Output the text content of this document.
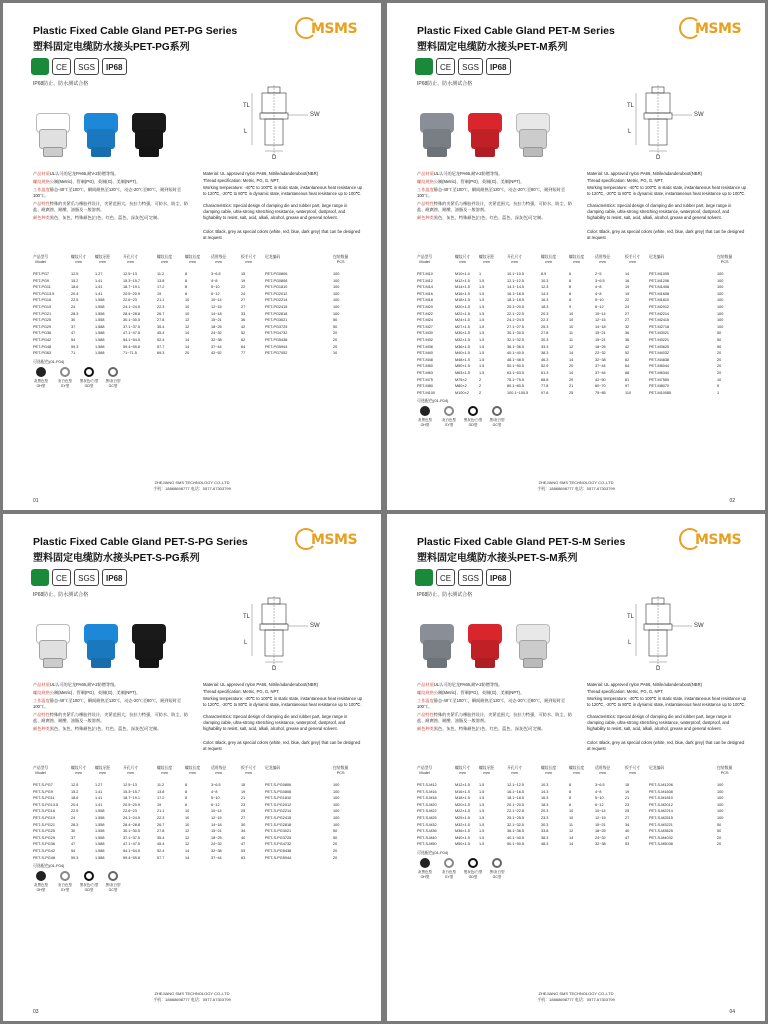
Plastic Fixed Cable Gland PET-PG Series
塑料固定电缆防水接头PET-PG系列
MSMS
CE	SGS	IP68
IP68防止、防水测试合格
SW
TL
L
D
产品材质UL认可的尼龙PA66,耐V-2防燃等级。
螺纹规格公制(Metric)、管制(PG)、英制(G)、美制(NPT)。
工作温度静态-40℃至100℃，瞬间耐热至120℃，动态-20℃至80℃，耐到短时至100℃。
产品特性特殊的夹紧爪与橡胶件设计，夹紧范围大，抗拉力特强，可防水、防尘、防盐、耐腐蚀、耐酸、油脂及一般溶剂。
颜色种类黑色、灰色、特殊颜色(白色、红色、蓝色、深灰色)可定制。
Material: UL approved nylon PA66, Nitrile/adanderuboot(NBR)
Thread specification: Metric, PG, G, NPT.
Working temperature: -40℃ to 100℃ in static state, instantaneous heat resistance up to 120℃, -20℃ to 80℃ in dynamic state, instantaneous heat resistance up to 100℃.
Characteristics: Special design of clamping die and rubber part, large range in clamping cable, ultra-strong stretching resistance, waterproof, dustproof, and highability to resist, salt, acid, alkali, alcohol, grease and general solvent.
Color: Black, grey as special colors (white, red, blue, dark grey) that can be designed at request
产品型号
Model
螺纹尺寸
mm
螺纹牙距
mm
开孔尺寸
mm
螺纹长度
mm
螺纹长度
mm
适用线径
mm
扳手尺寸
mm
尼龙编码	包装数量
PCS
PET-PG7	12.5	1.27	12.5~13	11.2	8	3~6.5	15	PET-PG0806	100
PET-PG9	15.2	1.41	15.3~15.7	13.8	8	4~8	19	PET-PG0808	100
PET-PG11	18.6	1.41	18.7~19.1	17.2	8	5~10	22	PET-PG1810	100
PET-PG13.5	20.4	1.41	20.5~20.9	19	8	6~12	24	PET-PG2012	100
PET-PG16	22.5	1.558	22.6~23	21.1	10	10~14	27	PET-PG2214	100
PET-PG19	24	1.558	24.1~24.5	22.3	10	12~15	27	PET-PG2415	100
PET-PG21	28.3	1.558	28.4~28.8	26.7	10	14~18	33	PET-PG2818	100
PET-PG25	30	1.558	30.1~30.5	27.8	12	15~21	36	PET-PG3021	50
PET-PG29	37	1.588	37.1~37.5	35.4	12	18~25	42	PET-PG3725	50
PET-PG36	47	1.588	47.1~47.5	45.4	14	24~32	52	PET-PG4732	20
PET-PG42	54	1.588	54.1~54.5	52.4	14	32~38	62	PET-PG5438	20
PET-PG48	59.3	1.588	59.4~59.8	57.7	14	37~44	64	PET-PG5944	20
PET-PG63	71	1.588	71~71.5	69.3	20	42~52	77	PET-PG7052	10
可选配色(01-F04)
灰黑色型
OH型
灰白色型
GY型
黑灰色/白型
GD型
黑/灰白型
GC型
ZHEJIANG SMS TECHNOLOGY CO.,LTD
手机：18868698777 电话：0577-67303799
01
Plastic Fixed Cable Gland PET-M Series
塑料固定电缆防水接头PET-M系列
MSMS
CE	SGS	IP68
IP68防止、防水测试合格
SW
TL
L
D
产品材质UL认可的尼龙PA66,耐V-2防燃等级。
螺纹规格公制(Metric)、管制(PG)、英制(G)、美制(NPT)。
工作温度静态-40℃至100℃，瞬间耐热至120℃，动态-20℃至80℃，耐到短时至100℃。
产品特性特殊的夹紧爪与橡胶件设计，夹紧范围大，抗拉力特强，可防水、防尘、防盐、耐腐蚀、耐酸、油脂及一般溶剂。
颜色种类黑色、灰色、特殊颜色(白色、红色、蓝色、深灰色)可定制。
Material: UL approved nylon PA66, Nitrile/adanderuboot(NBR)
Thread specification: Metric, PG, G, NPT.
Working temperature: -40℃ to 100℃ in static state, instantaneous heat resistance up to 120℃, -20℃ to 80℃ in dynamic state, instantaneous heat resistance up to 100℃.
Characteristics: Special design of clamping die and rubber part, large range in clamping cable, ultra-strong stretching resistance, waterproof, dustproof, and highability to resist, salt, acid, alkali, alcohol, grease and general solvent.
Color: Black, grey as special colors (white, red, blue, dark grey) that can be designed at request
产品型号
Model
螺纹尺寸
mm
螺纹牙距
mm
开孔尺寸
mm
螺纹长度
mm
螺纹长度
mm
适用线径
mm
扳手尺寸
mm
尼龙编码	包装数量
PCS
PET-M10	M10×1.0 1	10.1~10.5	8.9	6	2~5	14	PET-M1005	100
PET-M12	M12×1.5 1.5	12.1~12.5	10.3	8	3~6.5	16	PET-M1206	100
PET-M14	M14×1.5 1.5	14.1~14.5	12.3	8	4~8	19	PET-M1408	100
PET-M16	M16×1.5 1.5	16.1~16.5	14.3	8	4~8	19	PET-M1608	100
PET-M18	M18×1.5 1.5	18.1~18.5	16.3	8	5~10	22	PET-M1810	100
PET-M20	M20×1.5 1.5	20.1~20.5	18.3	9	6~12	24	PET-M2012	100
PET-M22	M22×1.5 1.5	22.1~22.5	20.3	10	10~14	27	PET-M2214	100
PET-M24	M24×1.5 1.5	24.1~24.5	22.3	10	12~15	27	PET-M2415	100
PET-M27	M27×1.5 1.5	27.1~27.5	25.3	10	14~18	32	PET-M2718	100
PET-M30	M30×1.5 1.5	30.1~30.5	27.8	11	15~21	36	PET-M3021	50
PET-M32	M32×1.5 1.5	32.1~32.5	30.3	11	15~21	36	PET-M3221	50
PET-M36	M36×1.5 1.5	36.1~36.5	33.3	12	18~25	42	PET-M3625	50
PET-M40	M40×1.5 1.5	40.1~40.5	38.3	14	22~32	52	PET-M4032	20
PET-M48	M48×1.5 1.5	48.1~48.5	46.3	14	32~38	62	PET-M4838	20
PET-M50	M50×1.5 1.5	50.1~50.5	52.9	20	37~44	64	PET-M5044	20
PET-M63	M63×1.5 1.5	63.1~63.5	61.3	14	37~44	68	PET-M6344	20
PET-M75	M75×2	2	75.1~75.5	68.8	29	42~50	81	PET-M7550	10
PET-M80	M80×2	2	80.1~80.5	77.8	21	60~70	97	PET-M8070	5
PET-M100	M100×2	2	100.1~100.5	97.8	25	75~85	110	PET-M10085	1
可选配色(01-F04)
灰黑色型
OH型
灰白色型
GY型
黑灰色/白型
GD型
黑/灰白型
GC型
ZHEJIANG SMS TECHNOLOGY CO.,LTD
手机：18868698777 电话：0577-67303799
02
Plastic Fixed Cable Gland PET-S-PG Series
塑料固定电缆防水接头PET-S-PG系列
MSMS
CE	SGS	IP68
IP68防止、防水测试合格
SW
TL
L
D
产品材质UL认可的尼龙PA66,耐V-2防燃等级。
螺纹规格公制(Metric)、管制(PG)、英制(G)、美制(NPT)。
工作温度静态-40℃至100℃，瞬间耐热至120℃，动态-20℃至80℃，耐到短时至100℃。
产品特性特殊的夹紧爪与橡胶件设计，夹紧范围大，抗拉力特强，可防水、防尘、防盐、耐腐蚀、耐酸、油脂及一般溶剂。
颜色种类黑色、灰色、特殊颜色(白色、红色、蓝色、深灰色)可定制。
Material: UL approved nylon PA66, Nitrile/adanderuboot(NBR)
Thread specification: Metric, PG, G, NPT.
Working temperature: -40℃ to 100℃ in static state, instantaneous heat resistance up to 120℃, -20℃ to 80℃ in dynamic state, instantaneous heat resistance up to 100℃.
Characteristics: Special design of clamping die and rubber part, large range in clamping cable, ultra-strong stretching resistance, waterproof, dustproof, and highability to resist, salt, acid, alkali, alcohol, grease and general solvent.
Color: Black, grey as special colors (white, red, blue, dark grey) that can be designed at request
产品型号
Model
螺纹尺寸
mm
螺纹牙距
mm
开孔尺寸
mm
螺纹长度
mm
螺纹长度
mm
适用线径
mm
扳手尺寸
mm
尼龙编码	包装数量
PCS
PET-S-PG7	12.5	1.27	12.5~13	11.2	8	3~6.5	15	PET-S-PG0806	100
PET-S-PG9	15.2	1.41	15.3~15.7	13.8	8	4~8	19	PET-S-PG0808	100
PET-S-PG11	18.6	1.41	18.7~19.1	17.2	8	5~10	21	PET-S-PG1810	100
PET-S-PG13.5	20.4	1.41	20.5~20.9	19	8	6~12	23	PET-S-PG2012	100
PET-S-PG16	22.5	1.558	22.6~23	21.1	10	10~14	25	PET-S-PG2214	100
PET-S-PG19	24	1.558	24.1~24.5	22.3	10	12~15	27	PET-S-PG2415	100
PET-S-PG21	28.3	1.558	28.4~28.8	26.7	10	14~18	30	PET-S-PG2818	100
PET-S-PG25	30	1.558	30.1~30.5	27.8	12	15~21	34	PET-S-PG3021	50
PET-S-PG29	37	1.558	37.1~37.5	35.4	12	18~25	40	PET-S-PG3725	50
PET-S-PG36	47	1.588	47.1~47.5	45.4	12	24~32	47	PET-S-PG4732	20
PET-S-PG42	54	1.588	54.1~54.5	52.4	14	32~38	53	PET-S-PG5438	20
PET-S-PG48	59.3	1.588	59.4~59.8	57.7	14	37~44	63	PET-S-PG5944	20
可选配色(01-F04)
灰黑色型
OH型
灰白色型
GY型
黑灰色/白型
GD型
黑/灰白型
GC型
ZHEJIANG SMS TECHNOLOGY CO.,LTD
手机：18868698777 电话：0577-67303799
03
Plastic Fixed Cable Gland PET-S-M Series
塑料固定电缆防水接头PET-S-M系列
MSMS
CE	SGS	IP68
IP68防止、防水测试合格
SW
TL
L
D
产品材质UL认可的尼龙PA66,耐V-2防燃等级。
螺纹规格公制(Metric)、管制(PG)、英制(G)、美制(NPT)。
工作温度静态-40℃至100℃，瞬间耐热至120℃，动态-20℃至80℃，耐到短时至100℃。
产品特性特殊的夹紧爪与橡胶件设计，夹紧范围大，抗拉力特强，可防水、防尘、防盐、耐腐蚀、耐酸、油脂及一般溶剂。
颜色种类黑色、灰色、特殊颜色(白色、红色、蓝色、深灰色)可定制。
Material: UL approved nylon PA66, Nitrile/adanderuboot(NBR)
Thread specification: Metric, PG, G, NPT.
Working temperature: -40℃ to 100℃ in static state, instantaneous heat resistance up to 120℃, -20℃ to 80℃ in dynamic state, instantaneous heat resistance up to 100℃.
Characteristics: Special design of clamping die and rubber part, large range in clamping cable, ultra-strong stretching resistance, waterproof, dustproof, and highability to resist, salt, acid, alkali, alcohol, grease and general solvent.
Color: Black, grey as special colors (white, red, blue, dark grey) that can be designed at request
产品型号
Model
螺纹尺寸
mm
螺纹牙距
mm
开孔尺寸
mm
螺纹长度
mm
螺纹长度
mm
适用线径
mm
扳手尺寸
mm
尼龙编码	包装数量
PCS
PET-S-M12	M12×1.5 1.5	12.1~12.5	10.3	8	3~6.5	15	PET-S-M1206	100
PET-S-M16	M16×1.5 1.5	16.1~16.5	14.3	8	4~8	19	PET-S-M1608	100
PET-S-M18	M18×1.5 1.5	18.1~18.5	16.3	8	5~10	21	PET-S-M1810	100
PET-S-M20	M20×1.5 1.5	20.1~20.5	18.3	8	6~12	23	PET-S-M2012	100
PET-S-M22	M22×1.5 1.5	22.1~22.5	20.3	10	10~14	25	PET-S-M2214	100
PET-S-M25	M25×1.5 1.5	25.1~25.5	23.3	10	12~15	27	PET-S-M2515	100
PET-S-M32	M32×1.5 1.5	32.1~32.5	30.3	11	15~21	34	PET-S-M3221	50
PET-S-M36	M36×1.5 1.5	36.1~36.5	33.8	12	18~25	40	PET-S-M3625	50
PET-S-M40	M40×1.5 1.5	40.1~40.5	38.3	14	24~32	47	PET-S-M4032	20
PET-S-M50	M50×1.5 1.5	50.1~50.5	48.3	14	32~38	53	PET-S-M5038	20
可选配色(01-F04)
灰黑色型
OH型
灰白色型
GY型
黑灰色/白型
GD型
黑/灰白型
GC型
ZHEJIANG SMS TECHNOLOGY CO.,LTD
手机：18868698777 电话：0577-67303799
04
